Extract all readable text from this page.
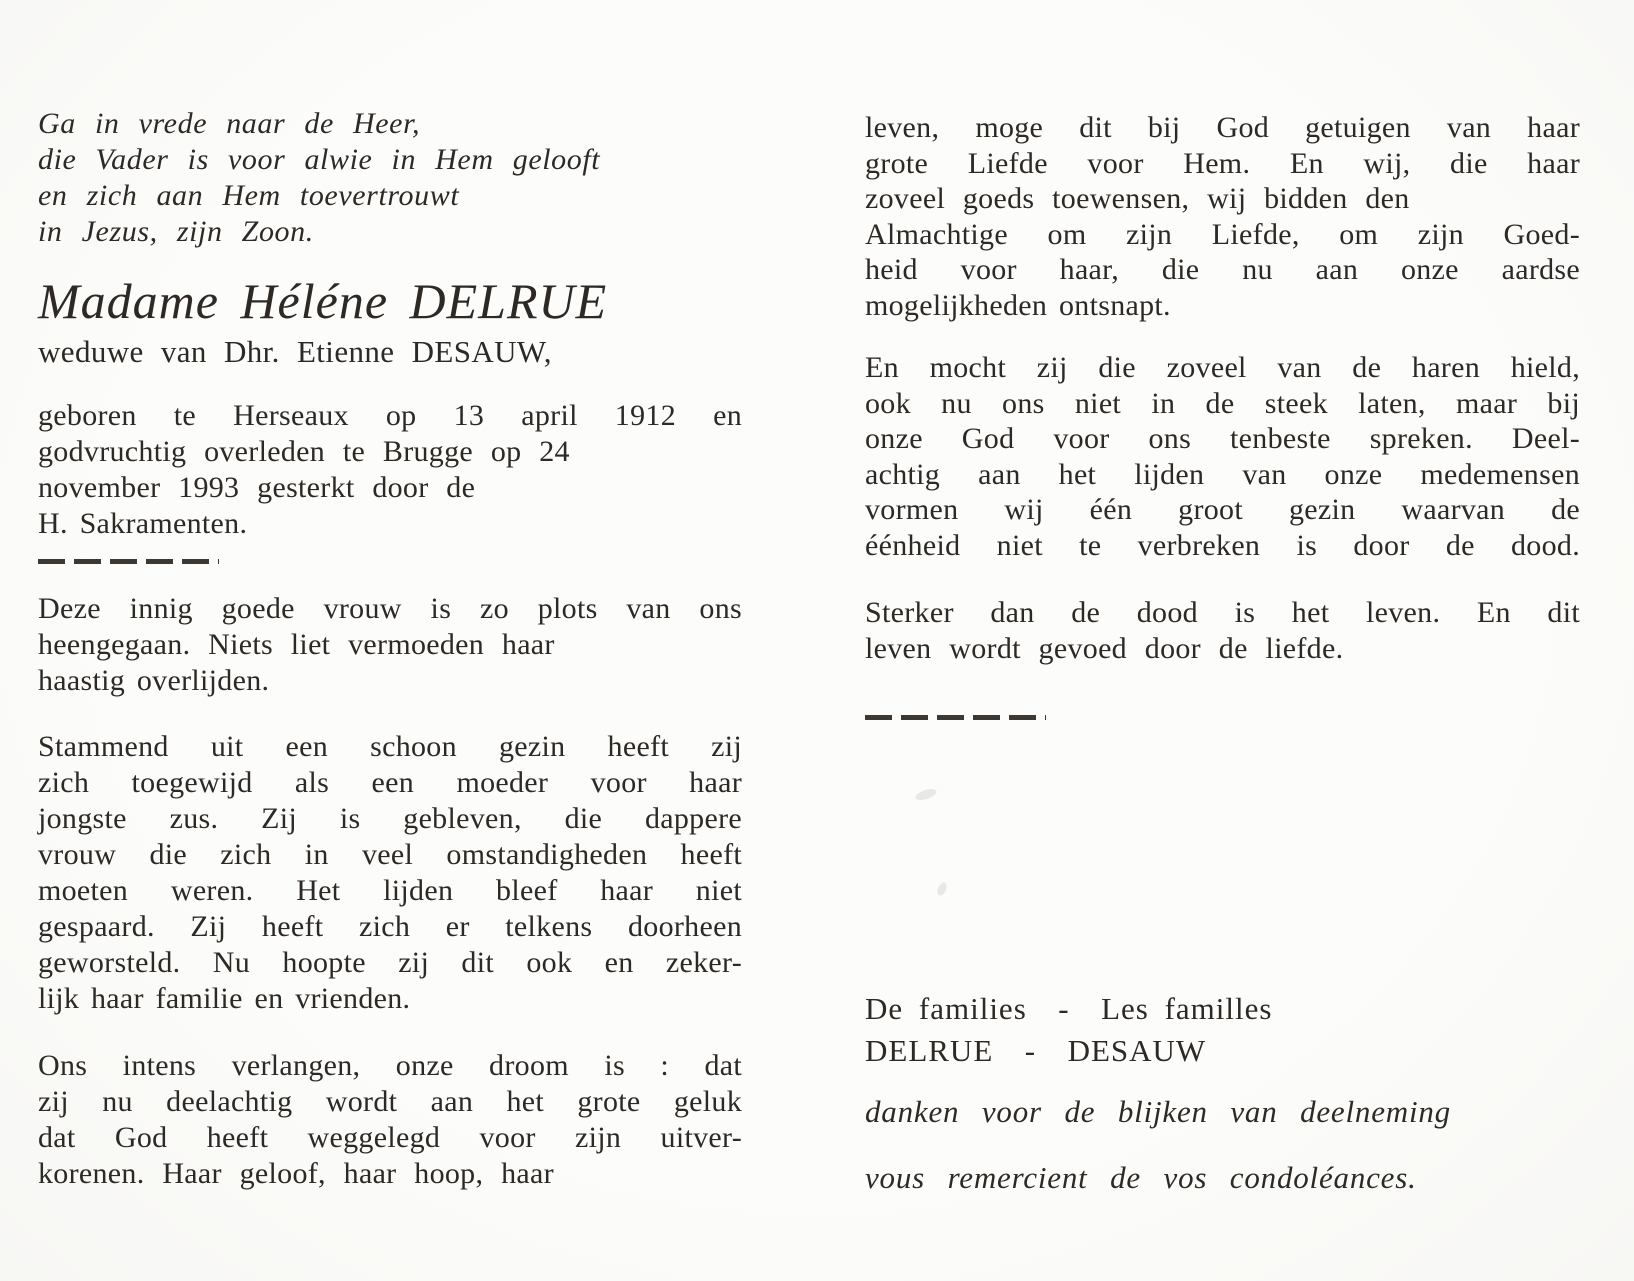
Ga in vrede naar de Heer,
die Vader is voor alwie in Hem gelooft
en zich aan Hem toevertrouwt
in Jezus, zijn Zoon.
Madame Héléne DELRUE
weduwe van Dhr. Etienne DESAUW,
geboren te Herseaux op 13 april 1912 en
godvruchtig overleden te Brugge op 24
november 1993 gesterkt door de
H. Sakramenten.
Deze innig goede vrouw is zo plots van ons
heengegaan. Niets liet vermoeden haar
haastig overlijden.
Stammend uit een schoon gezin heeft zij
zich toegewijd als een moeder voor haar
jongste zus. Zij is gebleven, die dappere
vrouw die zich in veel omstandigheden heeft
moeten weren. Het lijden bleef haar niet
gespaard. Zij heeft zich er telkens doorheen
geworsteld. Nu hoopte zij dit ook en zeker-
lijk haar familie en vrienden.
Ons intens verlangen, onze droom is : dat
zij nu deelachtig wordt aan het grote geluk
dat God heeft weggelegd voor zijn uitver-
korenen. Haar geloof, haar hoop, haar
leven, moge dit bij God getuigen van haar
grote Liefde voor Hem. En wij, die haar
zoveel goeds toewensen, wij bidden den
Almachtige om zijn Liefde, om zijn Goed-
heid voor haar, die nu aan onze aardse
mogelijkheden ontsnapt.
En mocht zij die zoveel van de haren hield,
ook nu ons niet in de steek laten, maar bij
onze God voor ons tenbeste spreken. Deel-
achtig aan het lijden van onze medemensen
vormen wij één groot gezin waarvan de
éénheid niet te verbreken is door de dood.
Sterker dan de dood is het leven. En dit
leven wordt gevoed door de liefde.
De families  -  Les familles
DELRUE  -  DESAUW
danken voor de blijken van deelneming
vous remercient de vos condoléances.
